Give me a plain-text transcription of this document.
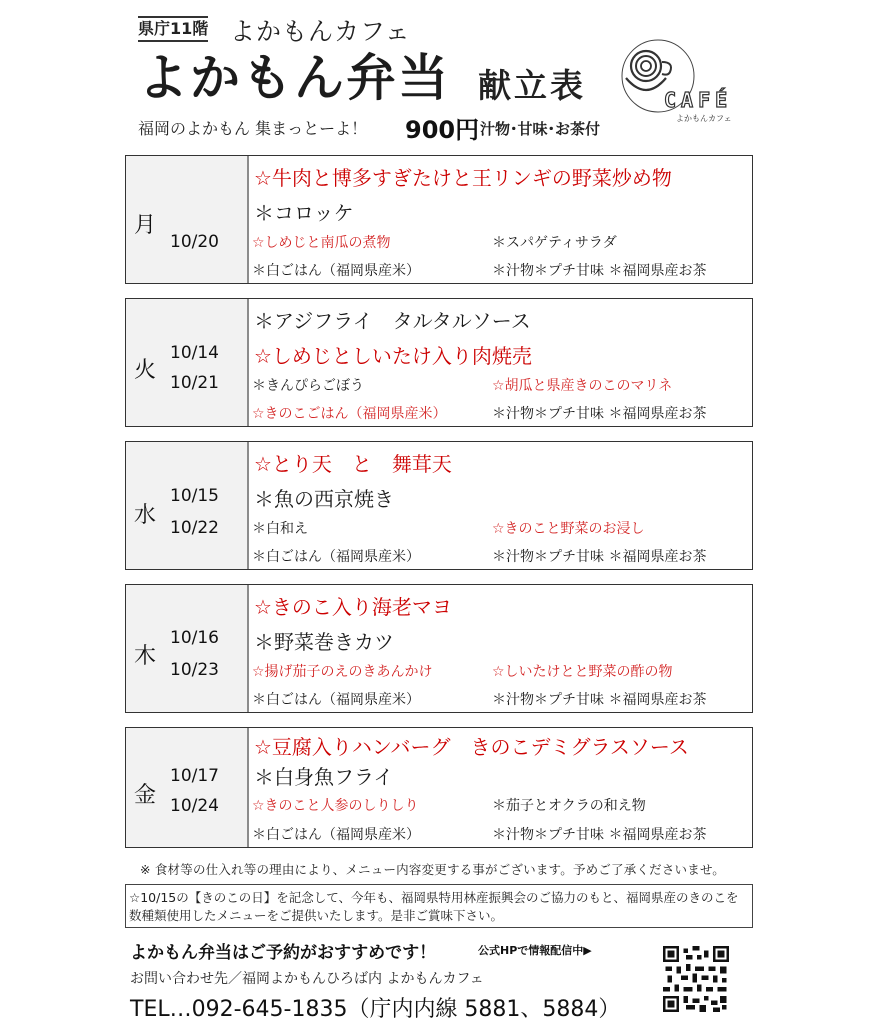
県庁11階 よかもんカフェ
よかもん弁当 献立表
福岡のよかもん 集まっとーよ！ 900円 汁物･甘味･お茶付
CAFÉ
よかもんカフェ
月
10/20
☆牛肉と博多すぎたけと王リンギの野菜炒め物
＊コロッケ
☆しめじと南瓜の煮物	＊スパゲティサラダ
＊白ごはん（福岡県産米）	＊汁物＊プチ甘味 ＊福岡県産お茶
火
10/14
10/21
＊アジフライ　タルタルソース
☆しめじとしいたけ入り肉焼売
＊きんぴらごぼう	☆胡瓜と県産きのこのマリネ
☆きのこごはん（福岡県産米）	＊汁物＊プチ甘味 ＊福岡県産お茶
水
10/15
10/22
☆とり天　と　舞茸天
＊魚の西京焼き
＊白和え	☆きのこと野菜のお浸し
＊白ごはん（福岡県産米）	＊汁物＊プチ甘味 ＊福岡県産お茶
木
10/16
10/23
☆きのこ入り海老マヨ
＊野菜巻きカツ
☆揚げ茄子のえのきあんかけ	☆しいたけとと野菜の酢の物
＊白ごはん（福岡県産米）	＊汁物＊プチ甘味 ＊福岡県産お茶
金
10/17
10/24
☆豆腐入りハンバーグ　きのこデミグラスソース
＊白身魚フライ
☆きのこと人参のしりしり	＊茄子とオクラの和え物
＊白ごはん（福岡県産米）	＊汁物＊プチ甘味 ＊福岡県産お茶
※ 食材等の仕入れ等の理由により、メニュー内容変更する事がございます。予めご了承くださいませ。
☆10/15の【きのこの日】を記念して、今年も、福岡県特用林産振興会のご協力のもと、福岡県産のきのこを数種類使用したメニューをご提供いたします。是非ご賞味下さい。
よかもん弁当はご予約がおすすめです！	公式HPで情報配信中▶
お問い合わせ先／福岡よかもんひろば内 よかもんカフェ
TEL…092-645-1835（庁内内線 5881、5884）
